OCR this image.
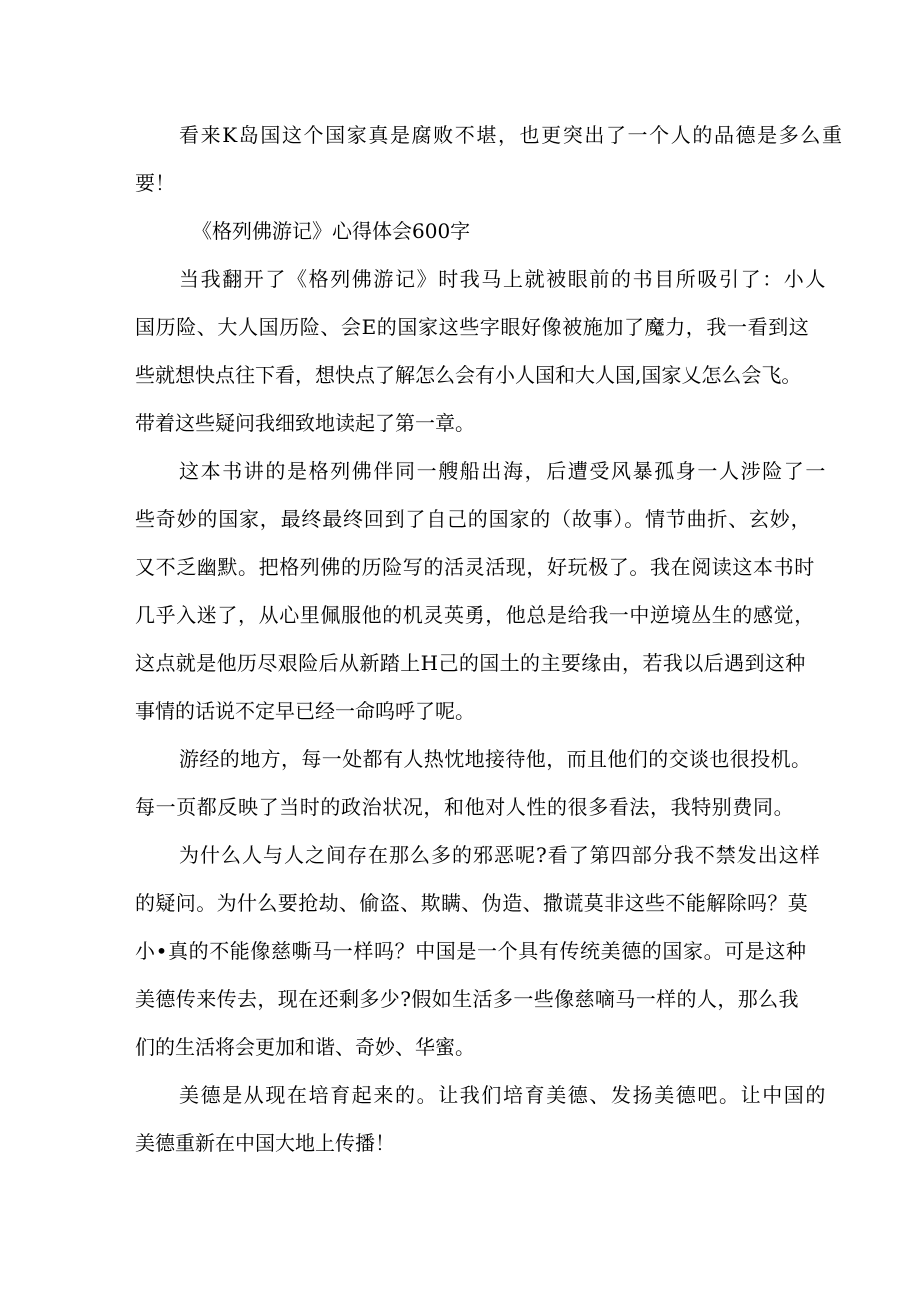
看来K岛国这个国家真是腐败不堪，也更突出了一个人的品德是多么重
要！
《格列佛游记》心得体会600字
当我翻开了《格列佛游记》时我马上就被眼前的书目所吸引了：小人
国历险、大人国历险、会E的国家这些字眼好像被施加了魔力，我一看到这
些就想快点往下看，想快点了解怎么会有小人国和大人国,国家乂怎么会飞。
带着这些疑问我细致地读起了第一章。
这本书讲的是格列佛伴同一艘船出海，后遭受风暴孤身一人涉险了一
些奇妙的国家，最终最终回到了自己的国家的（故事）。情节曲折、玄妙，
又不乏幽默。把格列佛的历险写的活灵活现，好玩极了。我在阅读这本书时
几乎入迷了，从心里佩服他的机灵英勇，他总是给我一中逆境丛生的感觉，
这点就是他历尽艰险后从新踏上H己的国土的主要缘由，若我以后遇到这种
事情的话说不定早已经一命呜呼了呢。
游经的地方，每一处都有人热忱地接待他，而且他们的交谈也很投机。
每一页都反映了当时的政治状况，和他对人性的很多看法，我特别费同。
为什么人与人之间存在那么多的邪恶呢?看了第四部分我不禁发出这样
的疑问。为什么要抢劫、偷盗、欺瞒、伪造、撒谎莫非这些不能解除吗？莫
小•真的不能像慈嘶马一样吗？中国是一个具有传统美德的国家。可是这种
美德传来传去，现在还剩多少?假如生活多一些像慈嘀马一样的人，那么我
们的生活将会更加和谐、奇妙、华蜜。
美德是从现在培育起来的。让我们培育美德、发扬美德吧。让中国的
美德重新在中国大地上传播！
